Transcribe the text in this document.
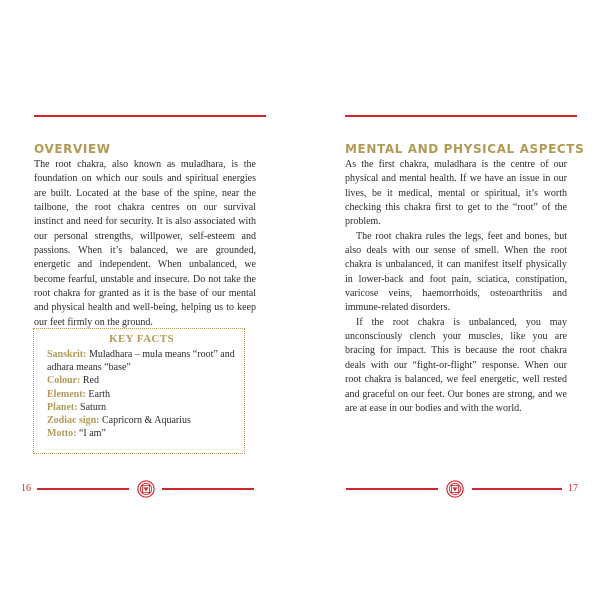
OVERVIEW

The root chakra, also known as muladhara, is the foundation on which our souls and spiritual energies are built. Located at the base of the spine, near the tailbone, the root chakra centres on our survival instinct and need for security. It is also associated with our personal strengths, willpower, self-esteem and passions. When it’s balanced, we are grounded, energetic and independent. When unbalanced, we become fearful, unstable and insecure. Do not take the root chakra for granted as it is the base of our mental and physical health and well-being, helping us to keep our feet firmly on the ground.

KEY FACTS
Sanskrit: Muladhara – mula means “root” and adhara means “base”
Colour: Red
Element: Earth
Planet: Saturn
Zodiac sign: Capricorn & Aquarius
Motto: “I am”
16
MENTAL AND PHYSICAL ASPECTS

As the first chakra, muladhara is the centre of our physical and mental health. If we have an issue in our lives, be it medical, mental or spiritual, it’s worth checking this chakra first to get to the “root” of the problem.

The root chakra rules the legs, feet and bones, but also deals with our sense of smell. When the root chakra is unbalanced, it can manifest itself physically in lower-back and foot pain, sciatica, constipation, varicose veins, haemorrhoids, osteoarthritis and immune-related disorders.

If the root chakra is unbalanced, you may unconsciously clench your muscles, like you are bracing for impact. This is because the root chakra deals with our “fight-or-flight” response. When our root chakra is balanced, we feel energetic, well rested and graceful on our feet. Our bones are strong, and we are at ease in our bodies and with the world.

17
